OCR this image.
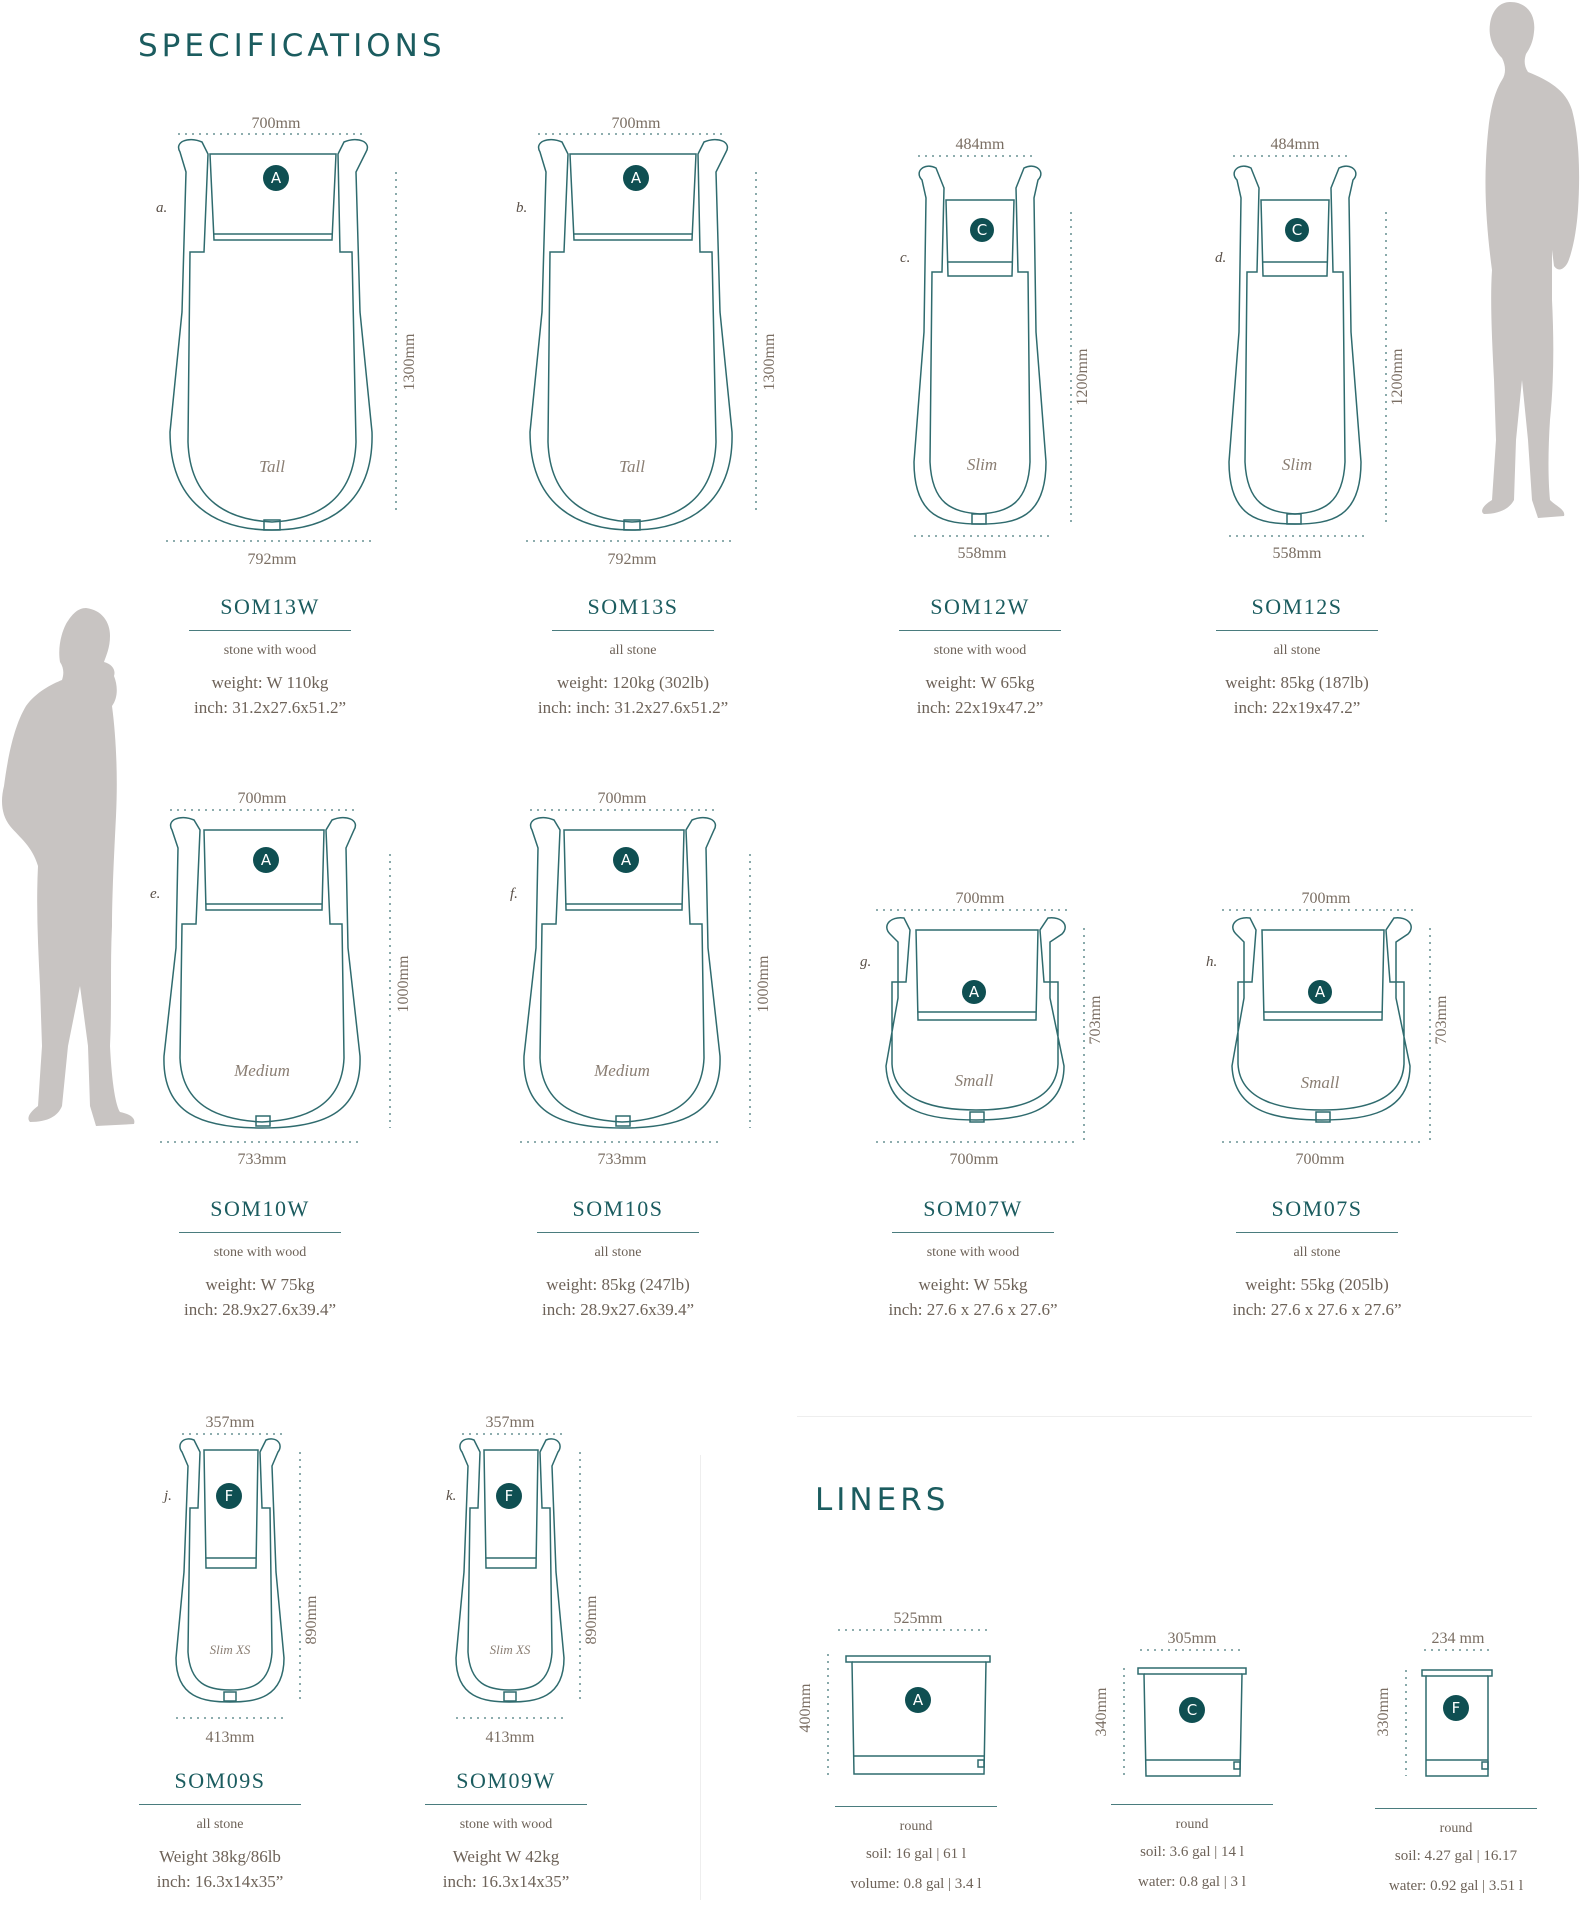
SPECIFICATIONS
700mm
1300mm
792mm
A
Tall
a.
700mm
1300mm
792mm
A
Tall
b.
484mm
1200mm
558mm
C
Slim
c.
484mm
1200mm
558mm
C
Slim
d.
SOM13W
stone with wood
weight: W 110kg
inch: 31.2x27.6x51.2”
SOM13S
all stone
weight: 120kg (302lb)
inch: inch: 31.2x27.6x51.2”
SOM12W
stone with wood
weight: W 65kg
inch: 22x19x47.2”
SOM12S
all stone
weight: 85kg (187lb)
inch: 22x19x47.2”
700mm
1000mm
733mm
A
Medium
e.
700mm
1000mm
733mm
A
Medium
f.	700mm
703mm
700mm
A
Small
g.
700mm
703mm
700mm
A
Small
h.
SOM10W
stone with wood
weight: W 75kg
inch: 28.9x27.6x39.4”
SOM10S
all stone
weight: 85kg (247lb)
inch: 28.9x27.6x39.4”
SOM07W
stone with wood
weight: W 55kg
inch: 27.6 x 27.6 x 27.6”
SOM07S
all stone
weight: 55kg (205lb)
inch: 27.6 x 27.6 x 27.6”
357mm
890mm
413mm
F
Slim XS
j.
357mm
890mm
413mm
F
Slim XS
k.
SOM09S
all stone
Weight 38kg/86lb
inch: 16.3x14x35”
SOM09W
stone with wood
Weight W 42kg
inch: 16.3x14x35”
LINERS
525mm
400mm	A
305mm
340mm	C
234 mm
330mm	F
round
soil: 16 gal | 61 l
volume: 0.8 gal | 3.4 l
round
soil: 3.6 gal | 14 l
water: 0.8 gal | 3 l
round
soil: 4.27 gal | 16.17
water: 0.92 gal | 3.51 l
